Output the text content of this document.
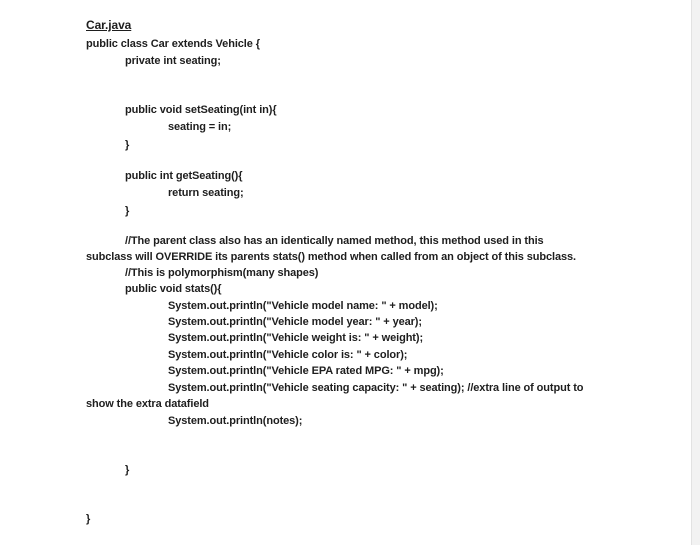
Car.java
public class Car extends Vehicle {
private int seating;
public void setSeating(int in){
seating = in;
}
public int getSeating(){
return seating;
}
//The parent class also has an identically named method, this method used in this
subclass will OVERRIDE its parents stats() method when called from an object of this subclass.
//This is polymorphism(many shapes)
public void stats(){
System.out.println("Vehicle model name: " + model);
System.out.println("Vehicle model year: " + year);
System.out.println("Vehicle weight is: " + weight);
System.out.println("Vehicle color is: " + color);
System.out.println("Vehicle EPA rated MPG: " + mpg);
System.out.println("Vehicle seating capacity: " + seating); //extra line of output to
show the extra datafield
System.out.println(notes);
}
}
